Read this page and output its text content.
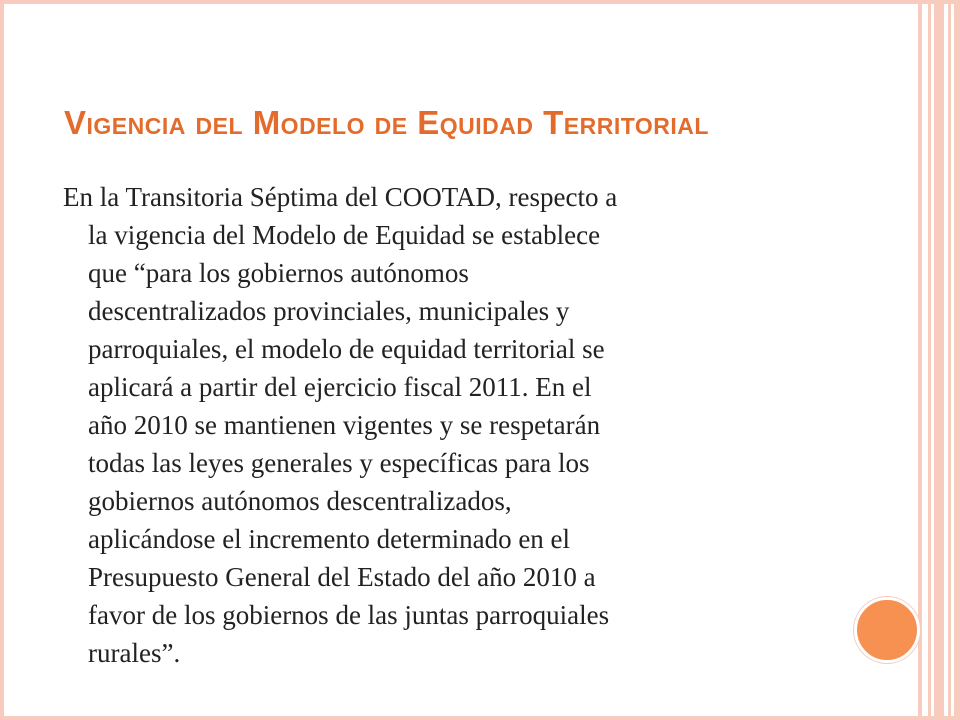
Vigencia del Modelo de Equidad Territorial

En la Transitoria Séptima del COOTAD, respecto a
la vigencia del Modelo de Equidad se establece
que “para los gobiernos autónomos
descentralizados provinciales, municipales y
parroquiales, el modelo de equidad territorial se
aplicará a partir del ejercicio fiscal 2011. En el
año 2010 se mantienen vigentes y se respetarán
todas las leyes generales y específicas para los
gobiernos autónomos descentralizados,
aplicándose el incremento determinado en el
Presupuesto General del Estado del año 2010 a
favor de los gobiernos de las juntas parroquiales
rurales”.
